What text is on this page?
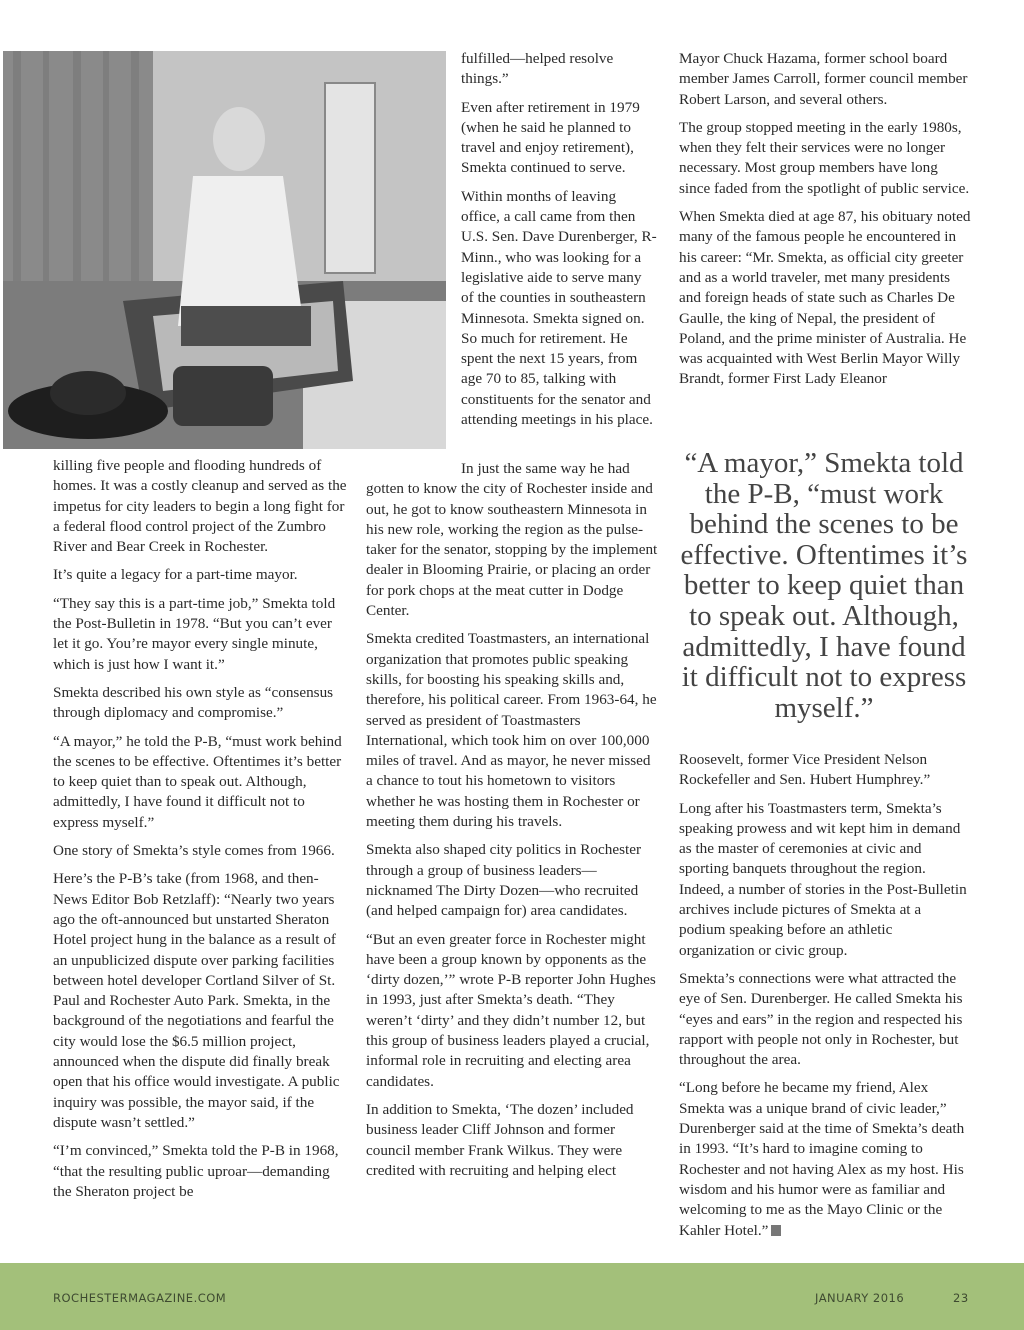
killing five people and flooding hundreds of homes. It was a costly cleanup and served as the impetus for city leaders to begin a long fight for a federal flood control project of the Zumbro River and Bear Creek in Rochester.

It’s quite a legacy for a part-time mayor.

“They say this is a part-time job,” Smekta told the Post-Bulletin in 1978. “But you can’t ever let it go. You’re mayor every single minute, which is just how I want it.”

Smekta described his own style as “consensus through diplomacy and compromise.”

“A mayor,” he told the P-B, “must work behind the scenes to be effective. Oftentimes it’s better to keep quiet than to speak out. Although, admittedly, I have found it difficult not to express myself.”

One story of Smekta’s style comes from 1966.

Here’s the P-B’s take (from 1968, and then-News Editor Bob Retzlaff): “Nearly two years ago the oft-announced but unstarted Sheraton Hotel project hung in the balance as a result of an unpublicized dispute over parking facilities between hotel developer Cortland Silver of St. Paul and Rochester Auto Park. Smekta, in the background of the negotiations and fearful the city would lose the $6.5 million project, announced when the dispute did finally break open that his office would investigate. A public inquiry was possible, the mayor said, if the dispute wasn’t settled.”

“I’m convinced,” Smekta told the P-B in 1968, “that the resulting public uproar—demanding the Sheraton project be

fulfilled—helped resolve things.”

Even after retirement in 1979 (when he said he planned to travel and enjoy retirement), Smekta continued to serve.

Within months of leaving office, a call came from then U.S. Sen. Dave Durenberger, R-Minn., who was looking for a legislative aide to serve many of the counties in southeastern Minnesota. Smekta signed on. So much for retirement. He spent the next 15 years, from age 70 to 85, talking with constituents for the senator and attending meetings in his place.

In just the same way he had gotten to know the city of Rochester inside and out, he got to know southeastern Minnesota in his new role, working the region as the pulse-taker for the senator, stopping by the implement dealer in Blooming Prairie, or placing an order for pork chops at the meat cutter in Dodge Center.

Smekta credited Toastmasters, an international organization that promotes public speaking skills, for boosting his speaking skills and, therefore, his political career. From 1963-64, he served as president of Toastmasters International, which took him on over 100,000 miles of travel. And as mayor, he never missed a chance to tout his hometown to visitors whether he was hosting them in Rochester or meeting them during his travels.

Smekta also shaped city politics in Rochester through a group of business leaders—nicknamed The Dirty Dozen—who recruited (and helped campaign for) area candidates.

“But an even greater force in Rochester might have been a group known by opponents as the ‘dirty dozen,’” wrote P-B reporter John Hughes in 1993, just after Smekta’s death. “They weren’t ‘dirty’ and they didn’t number 12, but this group of business leaders played a crucial, informal role in recruiting and electing area candidates.

In addition to Smekta, ‘The dozen’ included business leader Cliff Johnson and former council member Frank Wilkus. They were credited with recruiting and helping elect

Mayor Chuck Hazama, former school board member James Carroll, former council member Robert Larson, and several others.

The group stopped meeting in the early 1980s, when they felt their services were no longer necessary. Most group members have long since faded from the spotlight of public service.

When Smekta died at age 87, his obituary noted many of the famous people he encountered in his career: “Mr. Smekta, as official city greeter and as a world traveler, met many presidents and foreign heads of state such as Charles De Gaulle, the king of Nepal, the president of Poland, and the prime minister of Australia. He was acquainted with West Berlin Mayor Willy Brandt, former First Lady Eleanor

“A mayor,” Smekta told the P-B, “must work behind the scenes to be effective. Oftentimes it’s better to keep quiet than to speak out. Although, admittedly, I have found it difficult not to express myself.”

Roosevelt, former Vice President Nelson Rockefeller and Sen. Hubert Humphrey.”

Long after his Toastmasters term, Smekta’s speaking prowess and wit kept him in demand as the master of ceremonies at civic and sporting banquets throughout the region. Indeed, a number of stories in the Post-Bulletin archives include pictures of Smekta at a podium speaking before an athletic organization or civic group.

Smekta’s connections were what attracted the eye of Sen. Durenberger. He called Smekta his “eyes and ears” in the region and respected his rapport with people not only in Rochester, but throughout the area.

“Long before he became my friend, Alex Smekta was a unique brand of civic leader,” Durenberger said at the time of Smekta’s death in 1993. “It’s hard to imagine coming to Rochester and not having Alex as my host. His wisdom and his humor were as familiar and welcoming to me as the Mayo Clinic or the Kahler Hotel.”

ROCHESTERMAGAZINE.COM	JANUARY 2016	23
